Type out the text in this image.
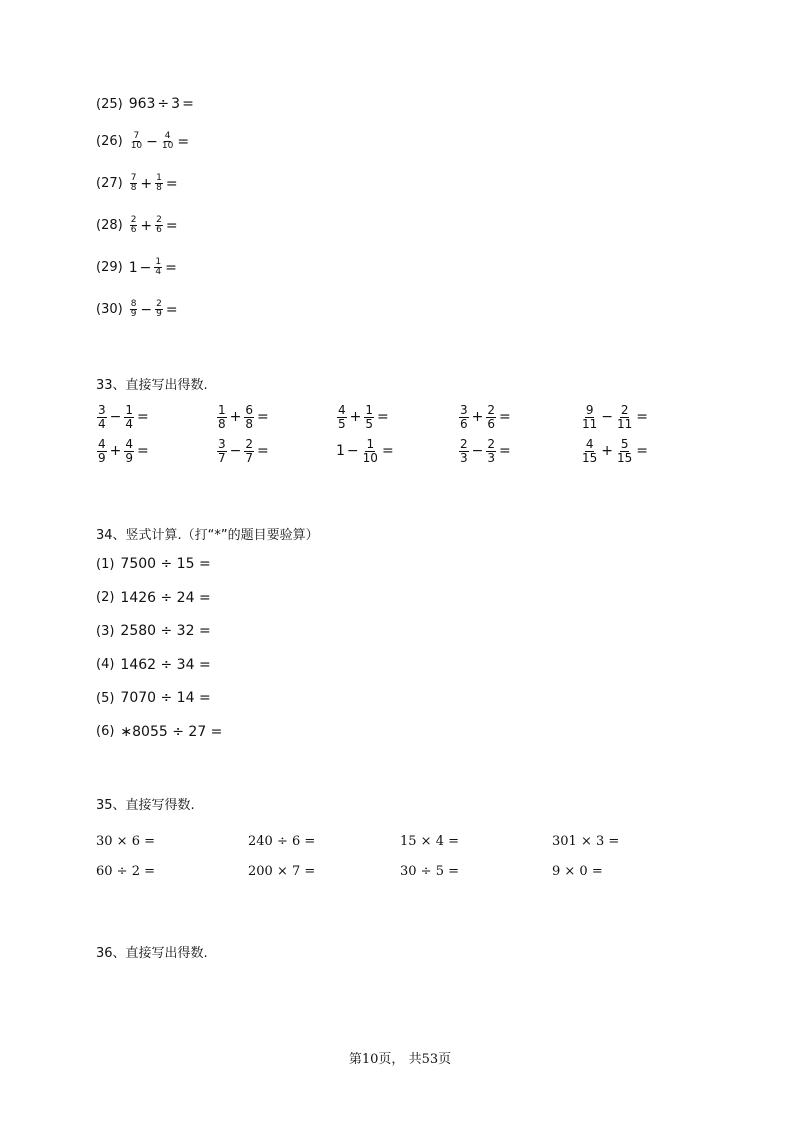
(25) 963 ÷ 3 =
$(26) \frac{7}{10} - \frac{4}{10}$ =
$(27) \frac{7}{8} + \frac{1}{8}$ =
$(28) \frac{2}{6} + \frac{2}{6}$ =
(29) $1 - \frac{1}{4}$ =
$(30) \frac{8}{9} - \frac{2}{9}$ =
33、直接写出得数.
$\frac{3}{4} - \frac{1}{4}$ =	$\frac{1}{8} + \frac{6}{8}$ =	$\frac{4}{5} + \frac{1}{5}$ =	$\frac{3}{6} + \frac{2}{6}$ =	$\frac{9}{11} - \frac{2}{11}$ =
$\frac{4}{9} + \frac{4}{9}$ =	$\frac{3}{7} - \frac{2}{7}$ =	$1 - \frac{1}{10}$ =	$\frac{2}{3} - \frac{2}{3}$ =	$\frac{4}{15} + \frac{5}{15}$ =
34、竖式计算.（打“*”的题目要验算）
(1) 7500 ÷ 15 =
(2) 1426 ÷ 24 =
(3) 2580 ÷ 32 =
(4) 1462 ÷ 34 =
(5) 7070 ÷ 14 =
(6) ∗8055 ÷ 27 =
35、直接写得数.
30 × 6 =	240 ÷ 6 =	15 × 4 =	301 × 3 =
60 ÷ 2 =	200 × 7 =	30 ÷ 5 =	9 × 0 =
36、直接写出得数.
第10页， 共53页
